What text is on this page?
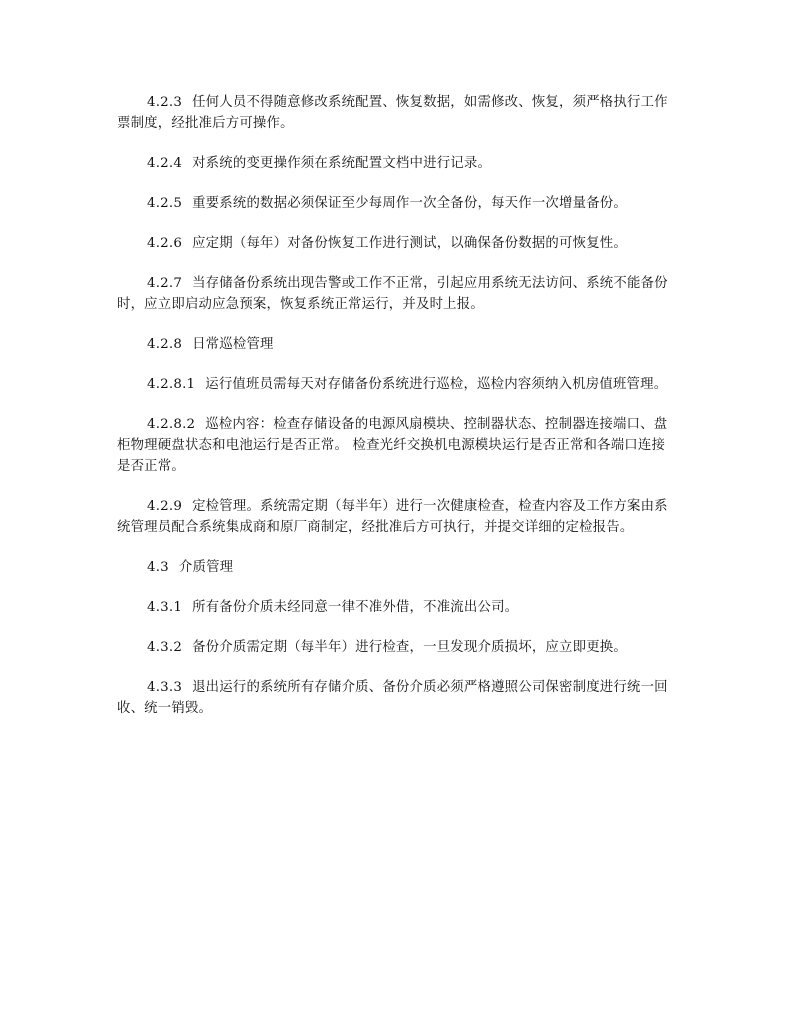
4.2.3 任何人员不得随意修改系统配置、恢复数据，如需修改、恢复，须严格执行工作票制度，经批准后方可操作。

4.2.4 对系统的变更操作须在系统配置文档中进行记录。

4.2.5 重要系统的数据必须保证至少每周作一次全备份，每天作一次增量备份。

4.2.6 应定期（每年）对备份恢复工作进行测试，以确保备份数据的可恢复性。

4.2.7 当存储备份系统出现告警或工作不正常，引起应用系统无法访问、系统不能备份时，应立即启动应急预案，恢复系统正常运行，并及时上报。

4.2.8 日常巡检管理

4.2.8.1 运行值班员需每天对存储备份系统进行巡检，巡检内容须纳入机房值班管理。

4.2.8.2 巡检内容：检查存储设备的电源风扇模块、控制器状态、控制器连接端口、盘柜物理硬盘状态和电池运行是否正常。 检查光纤交换机电源模块运行是否正常和各端口连接是否正常。

4.2.9 定检管理。系统需定期（每半年）进行一次健康检查，检查内容及工作方案由系统管理员配合系统集成商和原厂商制定，经批准后方可执行，并提交详细的定检报告。

4.3 介质管理

4.3.1 所有备份介质未经同意一律不准外借，不准流出公司。

4.3.2 备份介质需定期（每半年）进行检查，一旦发现介质损坏，应立即更换。

4.3.3 退出运行的系统所有存储介质、备份介质必须严格遵照公司保密制度进行统一回收、统一销毁。
